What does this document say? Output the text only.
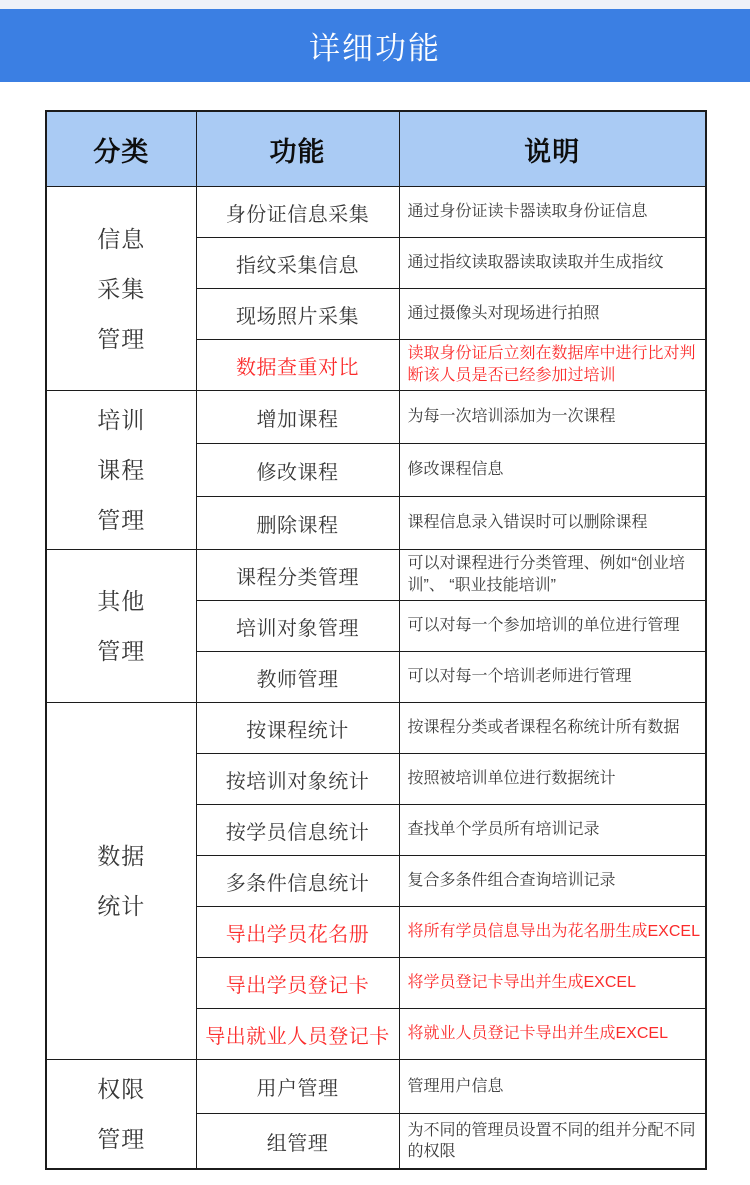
详细功能
分类	功能	说明

信息
采集
管理	身份证信息采集	通过身份证读卡器读取身份证信息
	指纹采集信息	通过指纹读取器读取读取并生成指纹
	现场照片采集	通过摄像头对现场进行拍照
	数据查重对比	读取身份证后立刻在数据库中进行比对判断该人员是否已经参加过培训

培训
课程
管理	增加课程	为每一次培训添加为一次课程
	修改课程	修改课程信息
	删除课程	课程信息录入错误时可以删除课程

其他
管理	课程分类管理	可以对课程进行分类管理、例如“创业培训”、 “职业技能培训”
	培训对象管理	可以对每一个参加培训的单位进行管理
	教师管理	可以对每一个培训老师进行管理

数据
统计	按课程统计	按课程分类或者课程名称统计所有数据
	按培训对象统计	按照被培训单位进行数据统计
	按学员信息统计	查找单个学员所有培训记录
	多条件信息统计	复合多条件组合查询培训记录
	导出学员花名册	将所有学员信息导出为花名册生成EXCEL
	导出学员登记卡	将学员登记卡导出并生成EXCEL
	导出就业人员登记卡	将就业人员登记卡导出并生成EXCEL

权限
管理	用户管理	管理用户信息
	组管理	为不同的管理员设置不同的组并分配不同的权限
